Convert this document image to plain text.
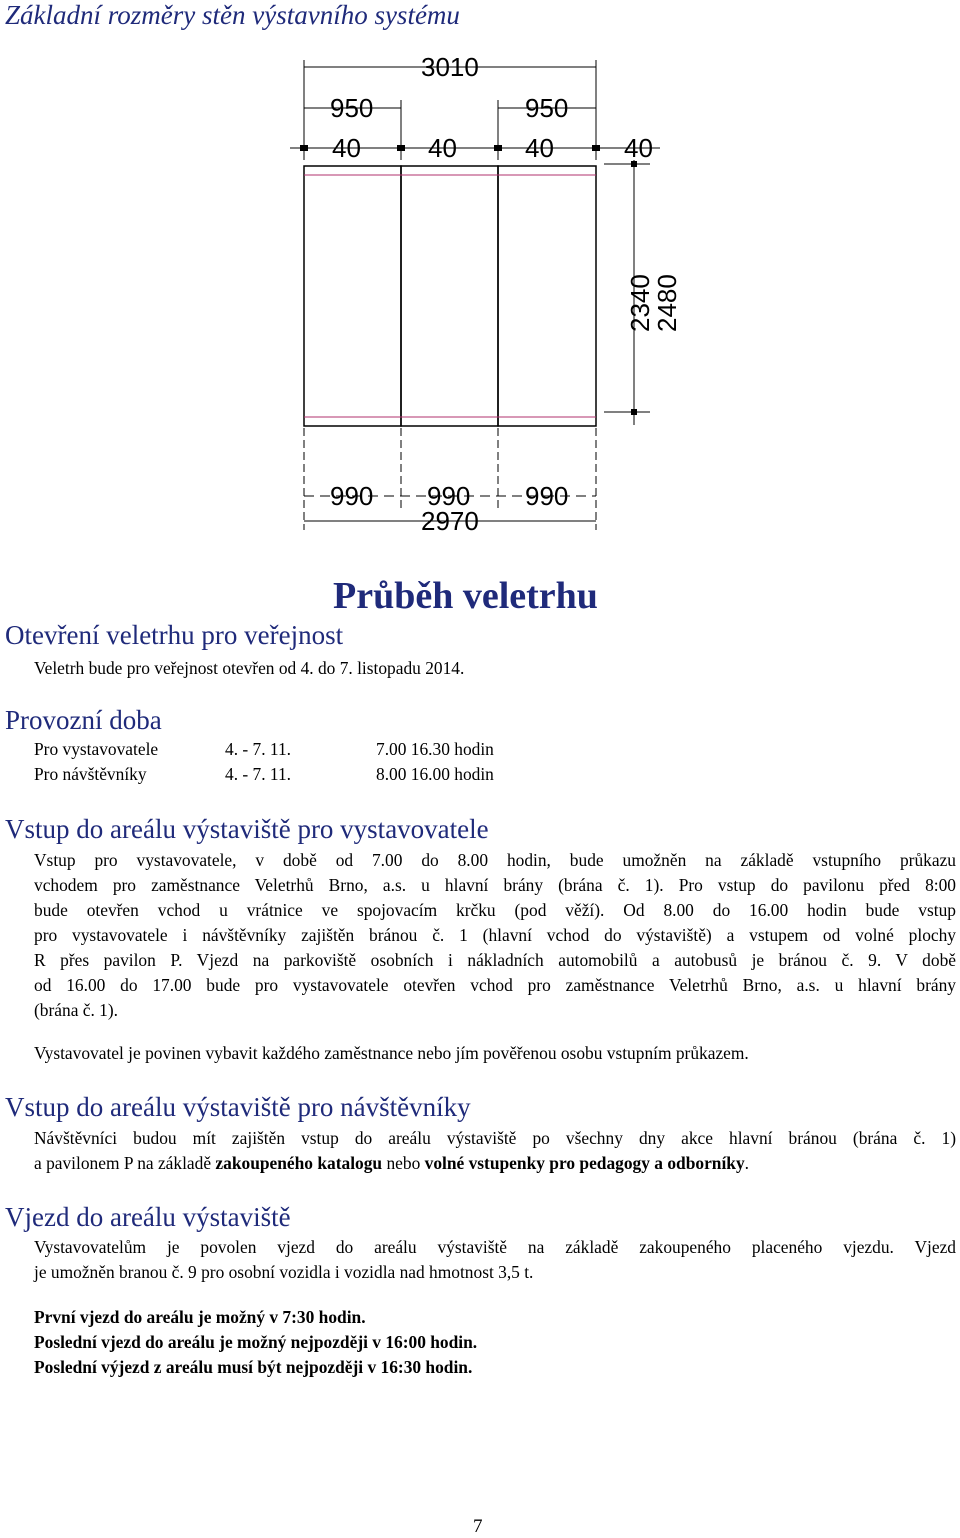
Základní rozměry stěn výstavního systému
3010
950	950
40	40	40	40
2340
2480
990 990 990
2970
Průběh veletrhu
Otevření veletrhu pro veřejnost
Veletrh bude pro veřejnost otevřen od 4. do 7. listopadu 2014.
Provozní doba
Pro vystavovatele	4. - 7. 11.	7.00 16.30 hodin
Pro návštěvníky	4. - 7. 11.	8.00 16.00 hodin
Vstup do areálu výstaviště pro vystavovatele
Vstup pro vystavovatele, v době od 7.00 do 8.00 hodin, bude umožněn na základě vstupního průkazu
vchodem pro zaměstnance Veletrhů Brno, a.s. u hlavní brány (brána č. 1). Pro vstup do pavilonu před 8:00
bude otevřen vchod u vrátnice ve spojovacím krčku (pod věží). Od 8.00 do 16.00 hodin bude vstup
pro vystavovatele i návštěvníky zajištěn bránou č. 1 (hlavní vchod do výstaviště) a vstupem od volné plochy
R přes pavilon P. Vjezd na parkoviště osobních i nákladních automobilů a autobusů je bránou č. 9. V době
od 16.00 do 17.00 bude pro vystavovatele otevřen vchod pro zaměstnance Veletrhů Brno, a.s. u hlavní brány
(brána č. 1).
Vystavovatel je povinen vybavit každého zaměstnance nebo jím pověřenou osobu vstupním průkazem.
Vstup do areálu výstaviště pro návštěvníky
Návštěvníci budou mít zajištěn vstup do areálu výstaviště po všechny dny akce hlavní bránou (brána č. 1)
a pavilonem P na základě zakoupeného katalogu nebo volné vstupenky pro pedagogy a odborníky.
Vjezd do areálu výstaviště
Vystavovatelům je povolen vjezd do areálu výstaviště na základě zakoupeného placeného vjezdu. Vjezd
je umožněn branou č. 9 pro osobní vozidla i vozidla nad hmotnost 3,5 t.
První vjezd do areálu je možný v 7:30 hodin.
Poslední vjezd do areálu je možný nejpozději v 16:00 hodin.
Poslední výjezd z areálu musí být nejpozději v 16:30 hodin.
7
